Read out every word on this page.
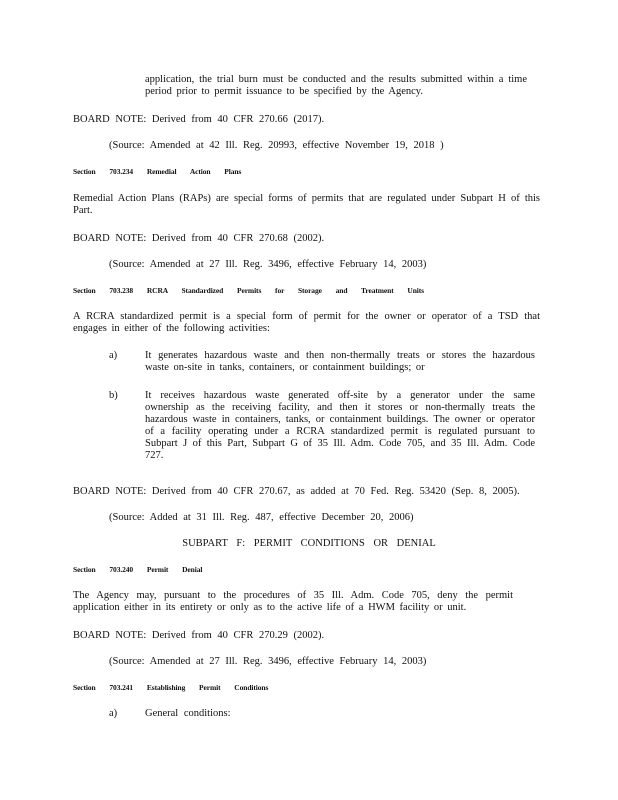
application, the trial burn must be conducted and the results submitted within a time period prior to permit issuance to be specified by the Agency.

BOARD NOTE: Derived from 40 CFR 270.66 (2017).

(Source: Amended at 42 Ill. Reg. 20993, effective November 19, 2018 )

Section 703.234 Remedial Action Plans

Remedial Action Plans (RAPs) are special forms of permits that are regulated under Subpart H of this Part.

BOARD NOTE: Derived from 40 CFR 270.68 (2002).

(Source: Amended at 27 Ill. Reg. 3496, effective February 14, 2003)

Section 703.238 RCRA Standardized Permits for Storage and Treatment Units

A RCRA standardized permit is a special form of permit for the owner or operator of a TSD that engages in either of the following activities:

a)	It generates hazardous waste and then non-thermally treats or stores the hazardous waste on-site in tanks, containers, or containment buildings; or

b)	It receives hazardous waste generated off-site by a generator under the same ownership as the receiving facility, and then it stores or non-thermally treats the hazardous waste in containers, tanks, or containment buildings. The owner or operator of a facility operating under a RCRA standardized permit is regulated pursuant to Subpart J of this Part, Subpart G of 35 Ill. Adm. Code 705, and 35 Ill. Adm. Code 727.

BOARD NOTE: Derived from 40 CFR 270.67, as added at 70 Fed. Reg. 53420 (Sep. 8, 2005).

(Source: Added at 31 Ill. Reg. 487, effective December 20, 2006)

SUBPART F: PERMIT CONDITIONS OR DENIAL

Section 703.240 Permit Denial

The Agency may, pursuant to the procedures of 35 Ill. Adm. Code 705, deny the permit application either in its entirety or only as to the active life of a HWM facility or unit.

BOARD NOTE: Derived from 40 CFR 270.29 (2002).

(Source: Amended at 27 Ill. Reg. 3496, effective February 14, 2003)

Section 703.241 Establishing Permit Conditions

a)	General conditions:
